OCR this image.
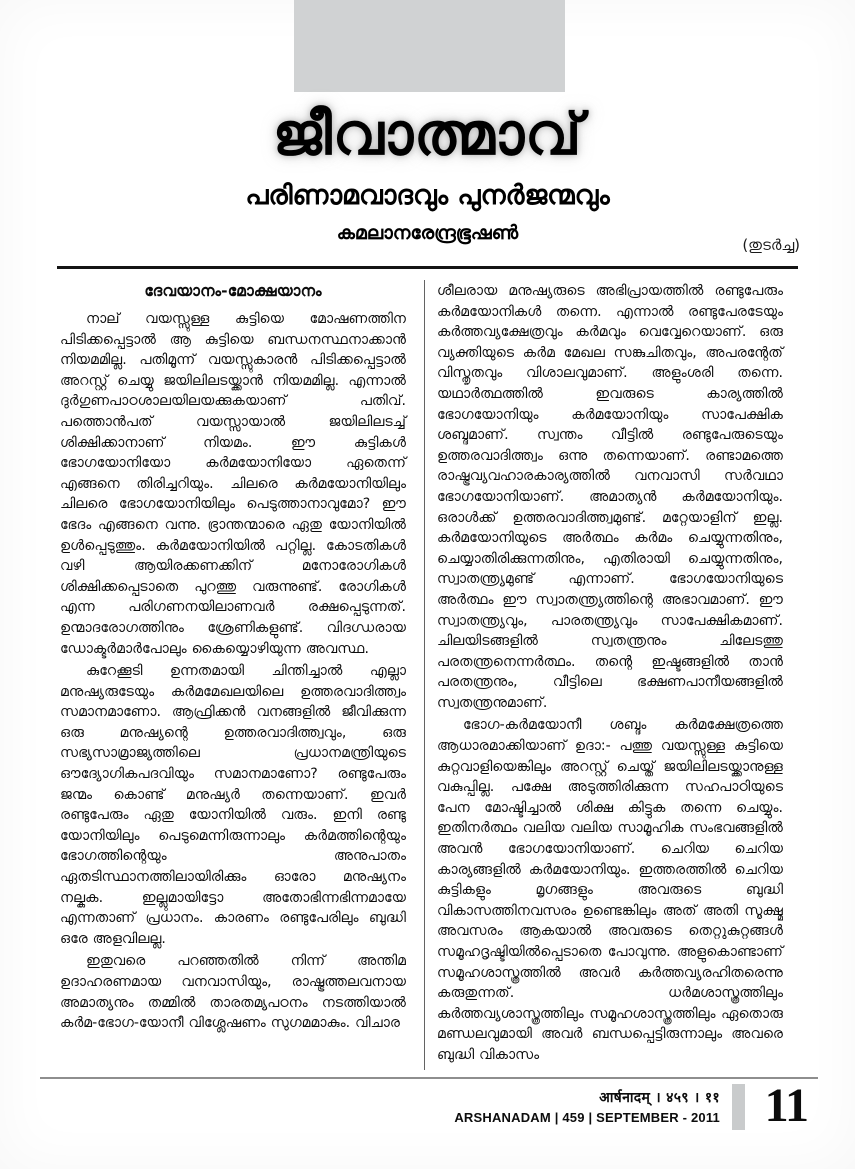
ജീവാത്മാവ്
പരിണാമവാദവും പുനർജന്മവും
കമലാനരേന്ദ്രഭൂഷൺ
(തുടർച്ച)
ദേവയാനം-മോക്ഷയാനം

നാല് വയസ്സുള്ള കുട്ടിയെ മോഷണത്തിന പിടിക്കപ്പെട്ടാൽ ആ കുട്ടിയെ ബന്ധനസ്ഥനാക്കാൻ നിയമമില്ല. പതിമൂന്ന് വയസ്സുകാരൻ പിടിക്കപ്പെട്ടാൽ അറസ്റ്റ് ചെയ്യു ജയിലിലടയ്ക്കാൻ നിയമമില്ല. എന്നാൽ ദുർഗുണപാഠശാലയിലയക്കുകയാണ് പതിവ്. പത്തൊൻപത് വയസ്സായാൽ ജയിലിലടച്ച് ശിക്ഷിക്കാനാണ് നിയമം. ഈ കുട്ടികൾ ഭോഗയോനിയോ കർമയോനിയോ ഏതെന്ന് എങ്ങനെ തിരിച്ചറിയും. ചിലരെ കർമയോനിയിലും ചിലരെ ഭോഗയോനിയിലും പെടുത്താനാവുമോ? ഈ ഭേദം എങ്ങനെ വന്നു. ഭ്രാന്തന്മാരെ ഏതു യോനിയിൽ ഉൾപ്പെടുത്തും. കർമയോനിയിൽ പറ്റില്ല. കോടതികൾ വഴി ആയിരക്കണക്കിന് മനോരോഗികൾ ശിക്ഷിക്കപ്പെടാതെ പുറത്തു വരുന്നുണ്ട്. രോഗികൾ എന്ന പരിഗണനയിലാണവർ രക്ഷപ്പെടുന്നത്. ഉന്മാദരോഗത്തിനും ശ്രേണികളുണ്ട്. വിദഗ്ധരായ ഡോക്ടർമാർപോലും കൈയ്യൊഴിയുന്ന അവസ്ഥ.

കുറേക്കൂടി ഉന്നതമായി ചിന്തിച്ചാൽ എല്ലാ മനുഷ്യരുടേയും കർമമേഖലയിലെ ഉത്തരവാദിത്ത്വം സമാനമാണോ. ആഫ്രിക്കൻ വനങ്ങളിൽ ജീവിക്കുന്ന ഒരു മനുഷ്യന്റെ ഉത്തരവാദിത്ത്വവും, ഒരു സഭ്യസാമ്രാജ്യത്തിലെ പ്രധാനമന്ത്രിയുടെ ഔദ്യോഗികപദവിയും സമാനമാണോ? രണ്ടുപേരും ജന്മം കൊണ്ട് മനുഷ്യർ തന്നെയാണ്. ഇവർ രണ്ടുപേരും ഏതു യോനിയിൽ വരും. ഇനി രണ്ടു യോനിയിലും പെടുമെന്നിരുന്നാലും കർമത്തിന്റെയും ഭോഗത്തിന്റെയും അനുപാതം ഏതടിസ്ഥാനത്തിലായിരിക്കും ഓരോ മനുഷ്യനം നല്കുക. ഇല്ലുമായിട്ടോ അതോഭിന്നഭിന്നമായേ എന്നതാണ് പ്രധാനം. കാരണം രണ്ടുപേരിലും ബുദ്ധി ഒരേ അളവിലല്ല.

ഇതുവരെ പറഞ്ഞതിൽ നിന്ന് അന്തിമ ഉദാഹരണമായ വനവാസിയും, രാഷ്ട്രത്തലവനായ അമാത്യനും തമ്മിൽ താരതമ്യപഠനം നടത്തിയാൽ കർമ-ഭോഗ-യോനീ വിശ്ലേഷണം സുഗമമാകും. വിചാര

ശീലരായ മനുഷ്യരുടെ അഭിപ്രായത്തിൽ രണ്ടുപേരും കർമയോനികൾ തന്നെ. എന്നാൽ രണ്ടുപേരടേയും കർത്തവ്യക്ഷേത്രവും കർമവും വെവ്വേറെയാണ്. ഒരു വ്യക്തിയുടെ കർമ മേഖല സങ്കുചിതവും, അപരന്റേത് വിസ്തൃതവും വിശാലവുമാണ്. അളുംശരി തന്നെ. യഥാർത്ഥത്തിൽ ഇവരുടെ കാര്യത്തിൽ ഭോഗയോനിയും കർമയോനിയും സാപേക്ഷിക ശബ്ദമാണ്. സ്വന്തം വീട്ടിൽ രണ്ടുപേരുടെയും ഉത്തരവാദിത്ത്വം ഒന്നു തന്നെയാണ്. രണ്ടാമത്തെ രാഷ്ട്രവ്യവഹാരകാര്യത്തിൽ വനവാസി സർവഥാ ഭോഗയോനിയാണ്. അമാത്യൻ കർമയോനിയും. ഒരാൾക്ക് ഉത്തരവാദിത്ത്വമുണ്ട്. മറ്റേയാളിന് ഇല്ല. കർമയോനിയുടെ അർത്ഥം കർമം ചെയ്യുന്നതിനും, ചെയ്യാതിരിക്കുന്നതിനും, എതിരായി ചെയ്യുന്നതിനും, സ്വാതന്ത്ര്യമുണ്ട് എന്നാണ്. ഭോഗയോനിയുടെ അർത്ഥം ഈ സ്വാതന്ത്ര്യത്തിന്റെ അഭാവമാണ്. ഈ സ്വാതന്ത്ര്യവും, പാരതന്ത്ര്യവും സാപേക്ഷികമാണ്. ചിലയിടങ്ങളിൽ സ്വതന്ത്രനും ചിലേടത്തു പരതന്ത്രനെന്നർത്ഥം. തന്റെ ഇഷ്ടങ്ങളിൽ താൻ പരതന്ത്രനും, വീട്ടിലെ ഭക്ഷണപാനീയങ്ങളിൽ സ്വതന്ത്രനുമാണ്.

ഭോഗ-കർമയോനീ ശബ്ദം കർമക്ഷേത്രത്തെ ആധാരമാക്കിയാണ് ഉദാ:- പത്തു വയസ്സുള്ള കുട്ടിയെ കുറ്റവാളിയെങ്കിലും അറസ്റ്റ് ചെയ്ത് ജയിലിലടയ്ക്കാനുള്ള വകുപ്പില്ല. പക്ഷേ അടുത്തിരിക്കുന്ന സഹപാഠിയുടെ പേന മോഷ്ടിച്ചാൽ ശിക്ഷ കിട്ടുക തന്നെ ചെയ്യും. ഇതിനർത്ഥം വലിയ വലിയ സാമൂഹിക സംഭവങ്ങളിൽ അവൻ ഭോഗയോനിയാണ്. ചെറിയ ചെറിയ കാര്യങ്ങളിൽ കർമയോനിയും. ഇത്തരത്തിൽ ചെറിയ കുട്ടികളും മൃഗങ്ങളും അവരുടെ ബുദ്ധി വികാസത്തിനവസരം ഉണ്ടെങ്കിലും അത് അതി സൂക്ഷ്മ അവസരം ആകയാൽ അവരുടെ തെറ്റുകുറ്റങ്ങൾ സമൂഹദൃഷ്ടിയിൽപ്പെടാതെ പോവുന്നു. അളുകൊണ്ടാണ് സമൂഹശാസ്ത്രത്തിൽ അവർ കർത്തവ്യരഹിതരെന്നു കരുതുന്നത്. ധർമശാസ്ത്രത്തിലും കർത്തവ്യശാസ്ത്രത്തിലും സമൂഹശാസ്ത്രത്തിലും ഏതൊരു മണ്ഡലവുമായി അവർ ബന്ധപ്പെട്ടിരുന്നാലും അവരെ ബുദ്ധി വികാസം

आर्षनादम् । ४५९ । ११
ARSHANADAM | 459 | SEPTEMBER - 2011 11
